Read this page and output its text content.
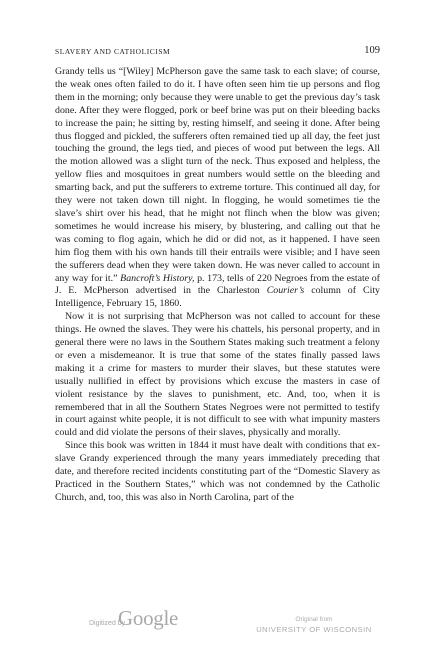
SLAVERY AND CATHOLICISM	109

Grandy tells us “[Wiley] McPherson gave the same task to each slave; of course, the weak ones often failed to do it. I have often seen him tie up persons and flog them in the morning; only because they were unable to get the previous day’s task done. After they were flogged, pork or beef brine was put on their bleeding backs to increase the pain; he sitting by, resting himself, and seeing it done. After being thus flogged and pickled, the sufferers often remained tied up all day, the feet just touching the ground, the legs tied, and pieces of wood put between the legs. All the motion allowed was a slight turn of the neck. Thus exposed and helpless, the yellow flies and mosquitoes in great numbers would settle on the bleeding and smarting back, and put the sufferers to extreme torture. This continued all day, for they were not taken down till night. In flogging, he would sometimes tie the slave’s shirt over his head, that he might not flinch when the blow was given; sometimes he would increase his misery, by blustering, and calling out that he was coming to flog again, which he did or did not, as it happened. I have seen him flog them with his own hands till their entrails were visible; and I have seen the sufferers dead when they were taken down. He was never called to account in any way for it.” Bancroft’s History, p. 173, tells of 220 Negroes from the estate of J. E. McPherson advertised in the Charleston Courier’s column of City Intelligence, February 15, 1860.

Now it is not surprising that McPherson was not called to account for these things. He owned the slaves. They were his chattels, his personal property, and in general there were no laws in the Southern States making such treatment a felony or even a misdemeanor. It is true that some of the states finally passed laws making it a crime for masters to murder their slaves, but these statutes were usually nullified in effect by provisions which excuse the masters in case of violent resistance by the slaves to punishment, etc. And, too, when it is remembered that in all the Southern States Negroes were not permitted to testify in court against white people, it is not difficult to see with what impunity masters could and did violate the persons of their slaves, physically and morally.

Since this book was written in 1844 it must have dealt with conditions that ex-slave Grandy experienced through the many years immediately preceding that date, and therefore recited incidents constituting part of the “Domestic Slavery as Practiced in the Southern States,” which was not condemned by the Catholic Church, and, too, this was also in North Carolina, part of the

Digitized by
Google	Original from
UNIVERSITY OF WISCONSIN
